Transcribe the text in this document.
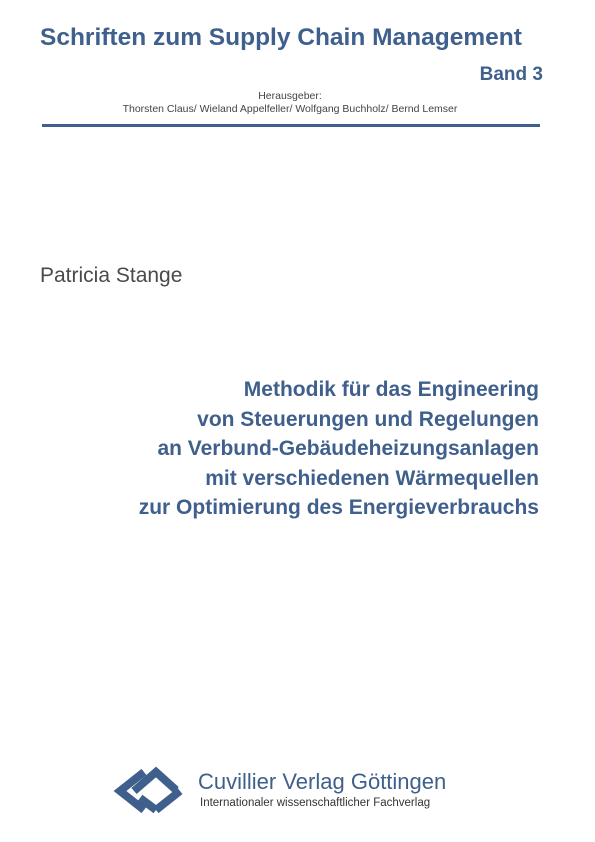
Schriften zum Supply Chain Management
Band 3
Herausgeber:
Thorsten Claus/ Wieland Appelfeller/ Wolfgang Buchholz/ Bernd Lemser
Patricia Stange
Methodik für das Engineering
von Steuerungen und Regelungen
an Verbund-Gebäudeheizungsanlagen
mit verschiedenen Wärmequellen
zur Optimierung des Energieverbrauchs
Cuvillier Verlag Göttingen
Internationaler wissenschaftlicher Fachverlag
